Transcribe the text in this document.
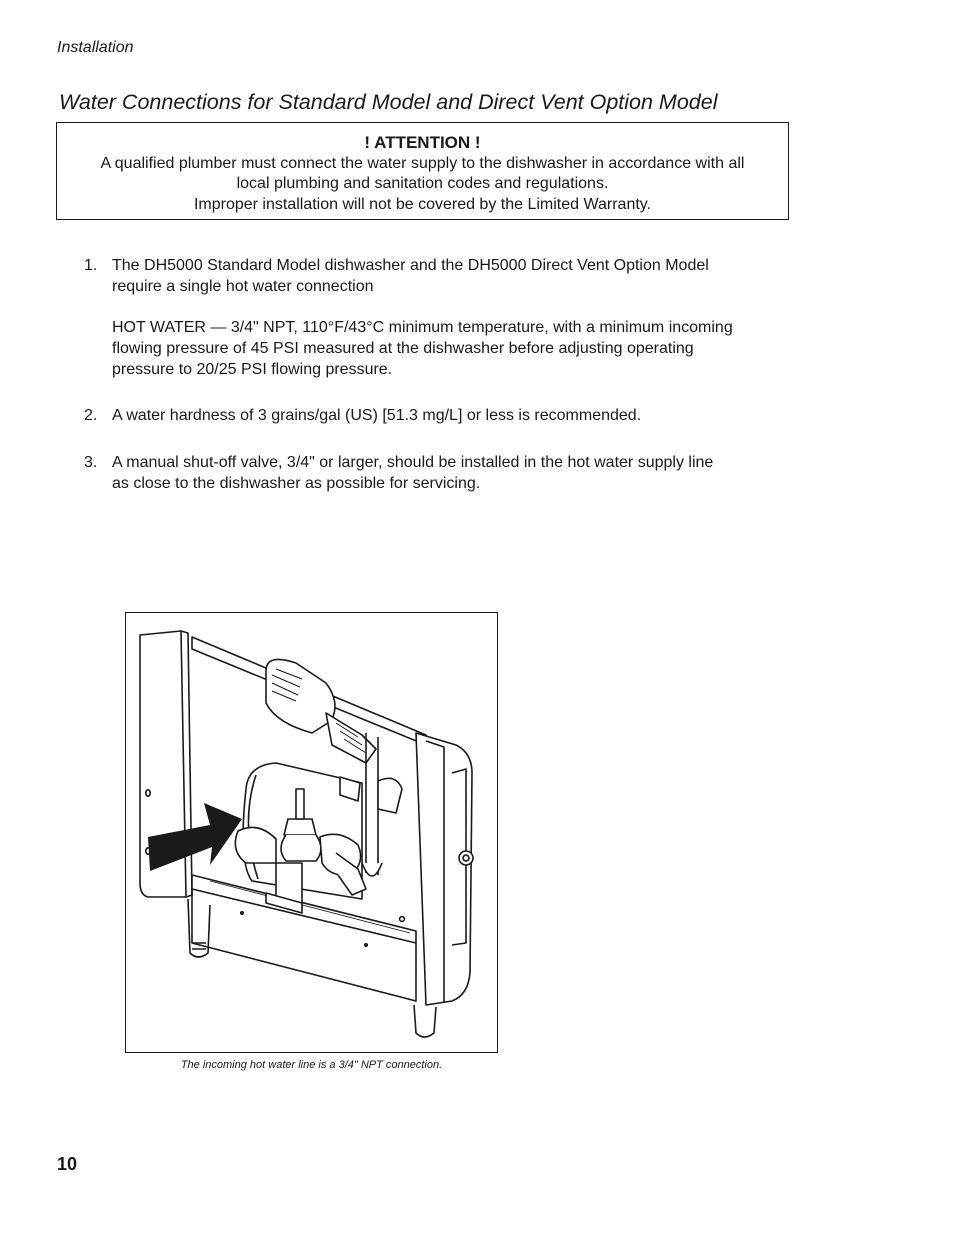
Installation
Water Connections for Standard Model and Direct Vent Option Model
! ATTENTION !
A qualified plumber must connect the water supply to the dishwasher in accordance with all
local plumbing and sanitation codes and regulations.
Improper installation will not be covered by the Limited Warranty.
1. The DH5000 Standard Model dishwasher and the DH5000 Direct Vent Option Model
require a single hot water connection
HOT WATER — 3/4" NPT, 110°F/43°C minimum temperature, with a minimum incoming
flowing pressure of 45 PSI measured at the dishwasher before adjusting operating
pressure to 20/25 PSI flowing pressure.
2. A water hardness of 3 grains/gal (US) [51.3 mg/L] or less is recommended.
3. A manual shut-off valve, 3/4" or larger, should be installed in the hot water supply line
as close to the dishwasher as possible for servicing.
The incoming hot water line is a 3/4" NPT connection.
10
